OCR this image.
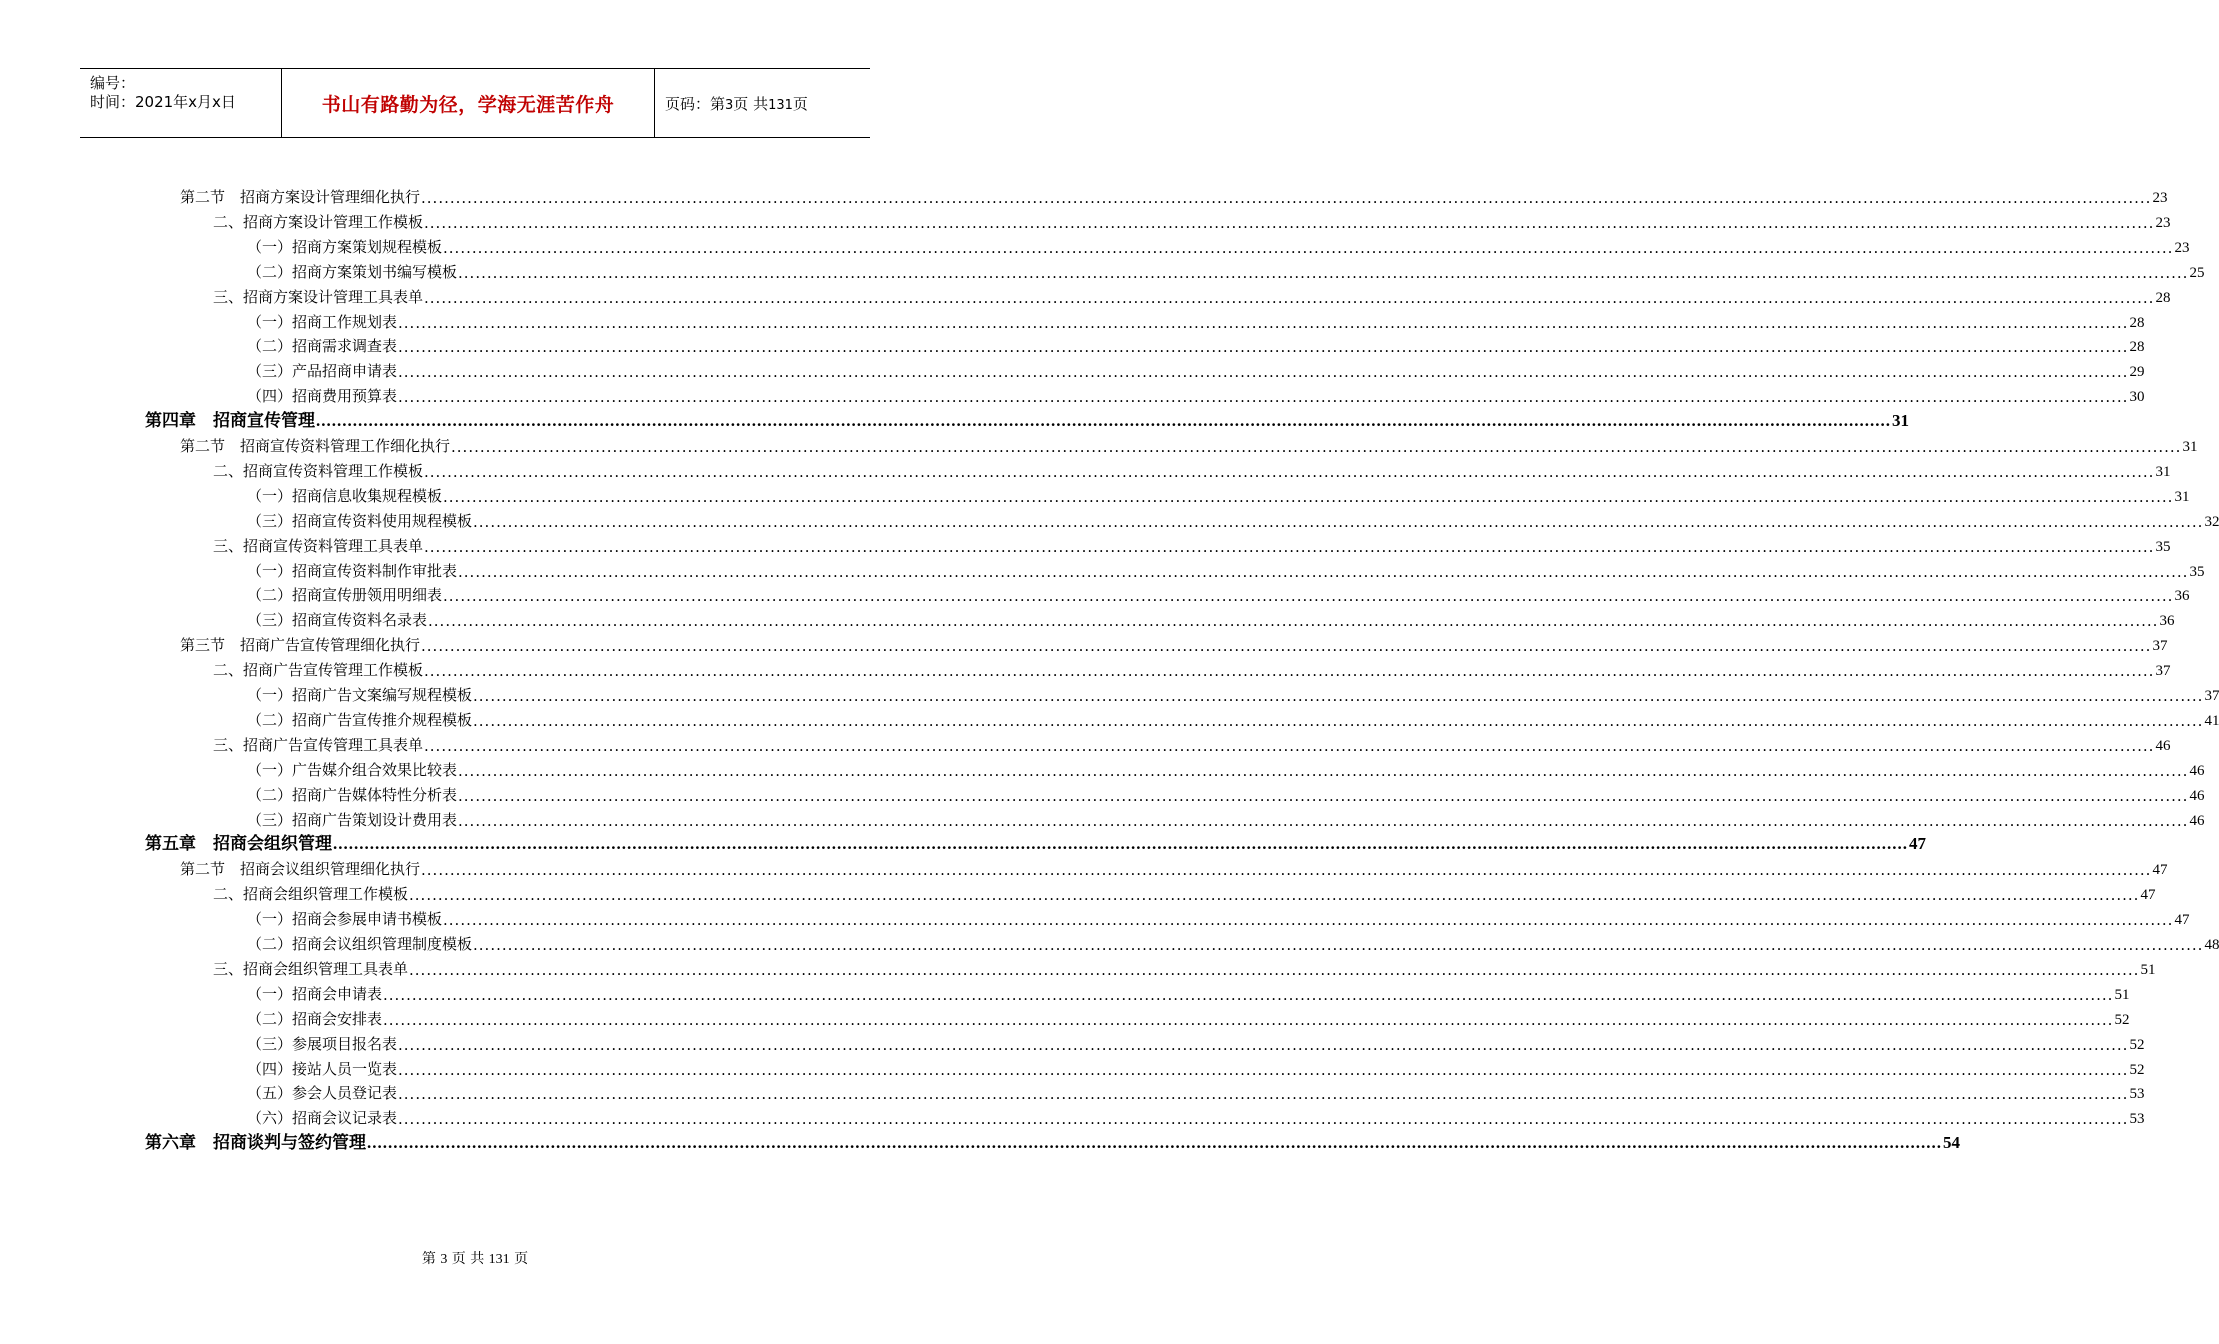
编号：
时间：2021年x月x日	书山有路勤为径，学海无涯苦作舟	页码：第3页 共131页
第二节　招商方案设计管理细化执行 ............................................................................................................................................................................................................................................................................................................ 23
二、招商方案设计管理工作模板 ............................................................................................................................................................................................................................................................................................................ 23
（一）招商方案策划规程模板 ............................................................................................................................................................................................................................................................................................................ 23
（二）招商方案策划书编写模板 ............................................................................................................................................................................................................................................................................................................ 25
三、招商方案设计管理工具表单 ............................................................................................................................................................................................................................................................................................................ 28
（一）招商工作规划表 ............................................................................................................................................................................................................................................................................................................ 28
（二）招商需求调查表 ............................................................................................................................................................................................................................................................................................................ 28
（三）产品招商申请表 ............................................................................................................................................................................................................................................................................................................ 29
（四）招商费用预算表 ............................................................................................................................................................................................................................................................................................................ 30
第四章　招商宣传管理 ............................................................................................................................................................................................................................................................................................................ 31
第二节　招商宣传资料管理工作细化执行 ............................................................................................................................................................................................................................................................................................................ 31
二、招商宣传资料管理工作模板 ............................................................................................................................................................................................................................................................................................................ 31
（一）招商信息收集规程模板 ............................................................................................................................................................................................................................................................................................................ 31
（三）招商宣传资料使用规程模板 ............................................................................................................................................................................................................................................................................................................ 32
三、招商宣传资料管理工具表单 ............................................................................................................................................................................................................................................................................................................ 35
（一）招商宣传资料制作审批表 ............................................................................................................................................................................................................................................................................................................ 35
（二）招商宣传册领用明细表 ............................................................................................................................................................................................................................................................................................................ 36
（三）招商宣传资料名录表 ............................................................................................................................................................................................................................................................................................................ 36
第三节　招商广告宣传管理细化执行 ............................................................................................................................................................................................................................................................................................................ 37
二、招商广告宣传管理工作模板 ............................................................................................................................................................................................................................................................................................................ 37
（一）招商广告文案编写规程模板 ............................................................................................................................................................................................................................................................................................................ 37
（二）招商广告宣传推介规程模板 ............................................................................................................................................................................................................................................................................................................ 41
三、招商广告宣传管理工具表单 ............................................................................................................................................................................................................................................................................................................ 46
（一）广告媒介组合效果比较表 ............................................................................................................................................................................................................................................................................................................ 46
（二）招商广告媒体特性分析表 ............................................................................................................................................................................................................................................................................................................ 46
（三）招商广告策划设计费用表 ............................................................................................................................................................................................................................................................................................................ 46
第五章　招商会组织管理 ............................................................................................................................................................................................................................................................................................................ 47
第二节　招商会议组织管理细化执行 ............................................................................................................................................................................................................................................................................................................ 47
二、招商会组织管理工作模板 ............................................................................................................................................................................................................................................................................................................ 47
（一）招商会参展申请书模板 ............................................................................................................................................................................................................................................................................................................ 47
（二）招商会议组织管理制度模板 ............................................................................................................................................................................................................................................................................................................ 48
三、招商会组织管理工具表单 ............................................................................................................................................................................................................................................................................................................ 51
（一）招商会申请表 ............................................................................................................................................................................................................................................................................................................ 51
（二）招商会安排表 ............................................................................................................................................................................................................................................................................................................ 52
（三）参展项目报名表 ............................................................................................................................................................................................................................................................................................................ 52
（四）接站人员一览表 ............................................................................................................................................................................................................................................................................................................ 52
（五）参会人员登记表 ............................................................................................................................................................................................................................................................................................................ 53
（六）招商会议记录表 ............................................................................................................................................................................................................................................................................................................ 53
第六章　招商谈判与签约管理 ............................................................................................................................................................................................................................................................................................................ 54
第 3 页 共 131 页
